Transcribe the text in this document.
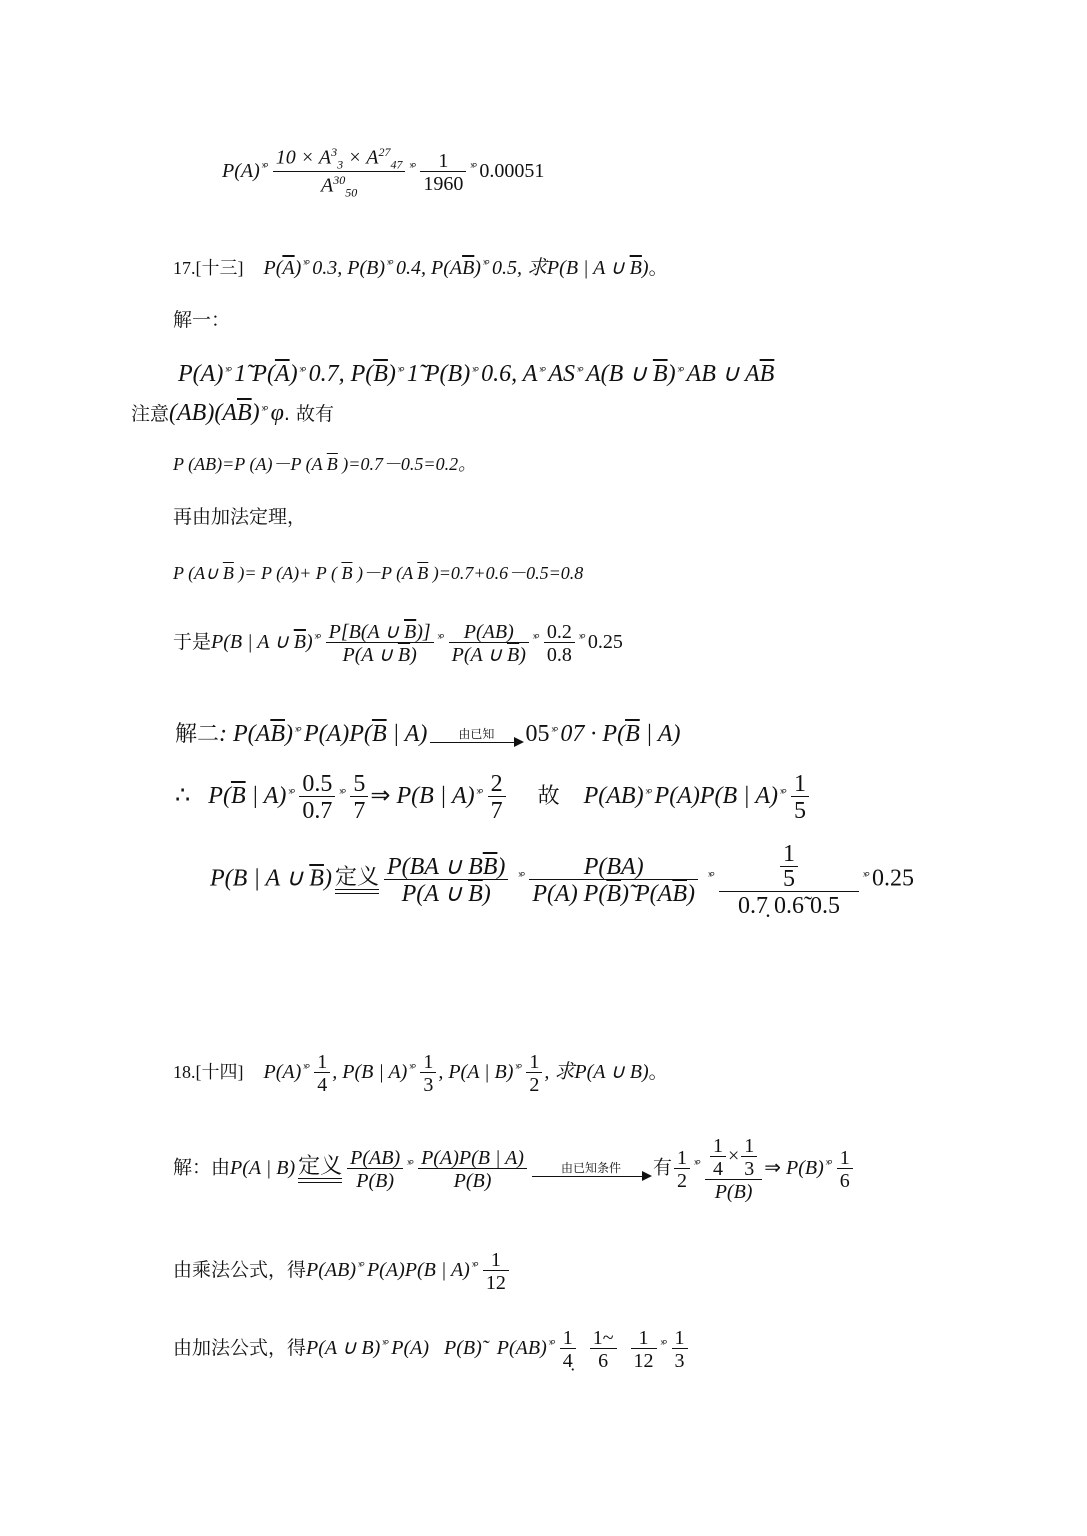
P(A) ˣ° $\frac{10 \times A^3_3 \times A^{27}_{47}}{A^{30}_{50}}$ ˣ° $\frac{1}{1960}$ ˣ° 0.00051
17.[十三] $P(\overline{A})$ ˣ° 0.3, P(B) ˣ° 0.4, $P(A\overline{B})$ ˣ° 0.5, 求P(B | A ∪ $\overline{B}$)。
解一：
P(A) ˣ° 1̃ $P(\overline{A})$ ˣ° 0.7, $P(\overline{B})$ ˣ° 1̃ P(B) ˣ° 0.6, A ˣ° AS ˣ° A(B ∪ $\overline{B}$) ˣ° AB ∪ $A\overline{B}$
注意$(AB)(A\overline{B})$ ˣ° φ. 故有
P (AB)=P (A)－P (A $\overline{B}$ )=0.7－0.5=0.2。
再由加法定理，
P (A∪ $\overline{B}$ )= P (A)+ P ( $\overline{B}$ )－P (A $\overline{B}$ )=0.7+0.6－0.5=0.8
于是P(B | A ∪ $\overline{B}$) ˣ° $\frac{P[B(A \cup \overline{B})]}{P(A \cup \overline{B})}$ ˣ° $\frac{P(AB)}{P(A \cup \overline{B})}$ ˣ° $\frac{0.2}{0.8}$ ˣ° 0.25
解二: $P(A\overline{B})$ ˣ° $P(A)P(\overline{B}$ | A)	由已知	05 ˣ° $07 \cdot P(\overline{B}$ | A)
∴ $P(\overline{B}$ | A) ˣ° $\frac{0.5}{0.7}$ ˣ° $\frac{5}{7}$ ⇒ P(B | A) ˣ° $\frac{2}{7}$ 故 P(AB) ˣ° P(A)P(B | A) ˣ° $\frac{1}{5}$
P(B | A ∪ $\overline{B}$) 定义 $\frac{P(BA \cup B\overline{B})}{P(A \cup \overline{B})}$ ˣ° $\frac{P(BA)}{P(A) P(\overline{B})̃ P(A\overline{B})}$ ˣ° 1
5
0.7̣ 0.6̃ 0.5 ˣ° 0.25
18.[十四] P(A) ˣ° $\frac{1}{4}$ , P(B | A) ˣ° $\frac{1}{3}$ , P(A | B) ˣ° $\frac{1}{2}$ , 求P(A ∪ B)。
解：由P(A | B) 定义 $\frac{P(AB)}{P(B)}$ ˣ° $\frac{P(A)P(B | A)}{P(B)}$	由已知条件	有 $\frac{1}{2}$ ˣ° $\frac{\frac{1}{4} \times \frac{1}{3}}{P(B)}$ ⇒ P(B) ˣ° $\frac{1}{6}$
由乘法公式，得P(AB) ˣ° P(A)P(B | A) ˣ° $\frac{1}{12}$
由加法公式，得P(A ∪ B) ˣ° P(A) P(B)̃ P(AB) ˣ° $\frac{1}{4̣}$
$\frac{1\sim}{6}$
$\frac{1}{12}$ ˣ° $\frac{1}{3}$
